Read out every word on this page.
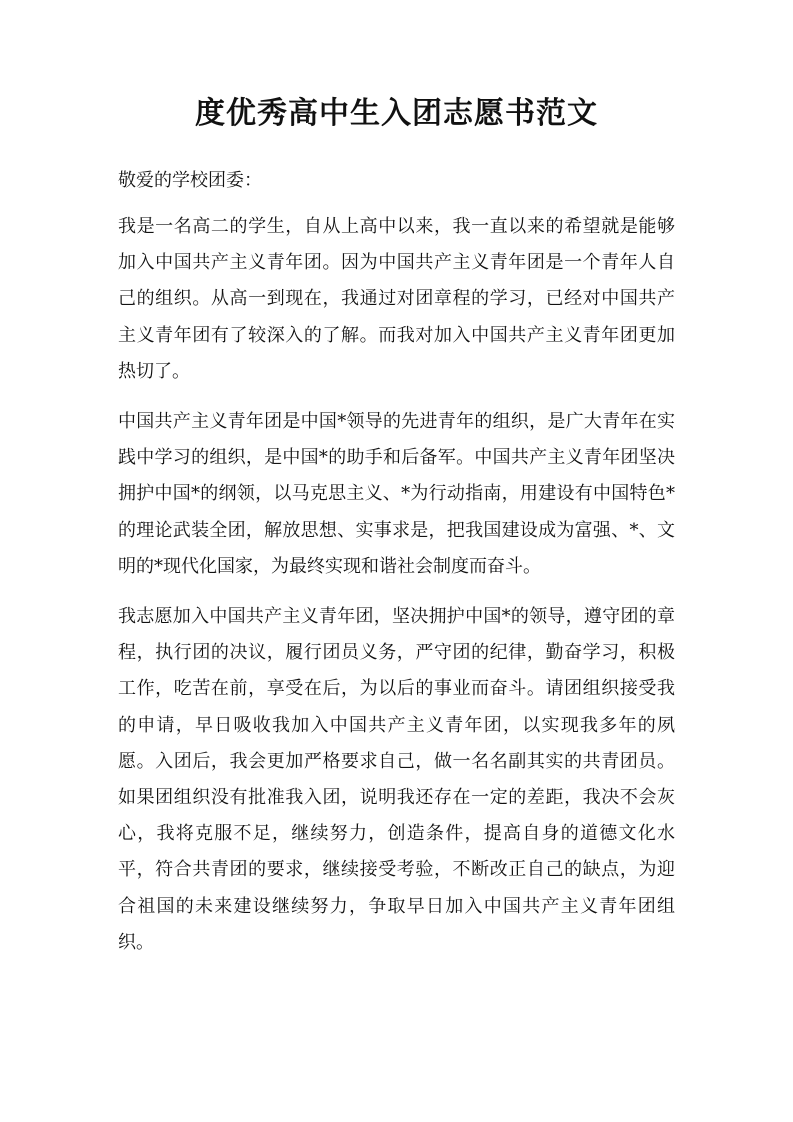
度优秀高中生入团志愿书范文

敬爱的学校团委：

我是一名高二的学生，自从上高中以来，我一直以来的希望就是能够加入中国共产主义青年团。因为中国共产主义青年团是一个青年人自己的组织。从高一到现在，我通过对团章程的学习，已经对中国共产主义青年团有了较深入的了解。而我对加入中国共产主义青年团更加热切了。

中国共产主义青年团是中国*领导的先进青年的组织，是广大青年在实践中学习的组织，是中国*的助手和后备军。中国共产主义青年团坚决拥护中国*的纲领，以马克思主义、*为行动指南，用建设有中国特色*的理论武装全团，解放思想、实事求是，把我国建设成为富强、*、文明的*现代化国家，为最终实现和谐社会制度而奋斗。

我志愿加入中国共产主义青年团，坚决拥护中国*的领导，遵守团的章程，执行团的决议，履行团员义务，严守团的纪律，勤奋学习，积极工作，吃苦在前，享受在后，为以后的事业而奋斗。请团组织接受我的申请，早日吸收我加入中国共产主义青年团，以实现我多年的夙愿。入团后，我会更加严格要求自己，做一名名副其实的共青团员。如果团组织没有批准我入团，说明我还存在一定的差距，我决不会灰心，我将克服不足，继续努力，创造条件，提高自身的道德文化水平，符合共青团的要求，继续接受考验，不断改正自己的缺点，为迎合祖国的未来建设继续努力，争取早日加入中国共产主义青年团组织。
